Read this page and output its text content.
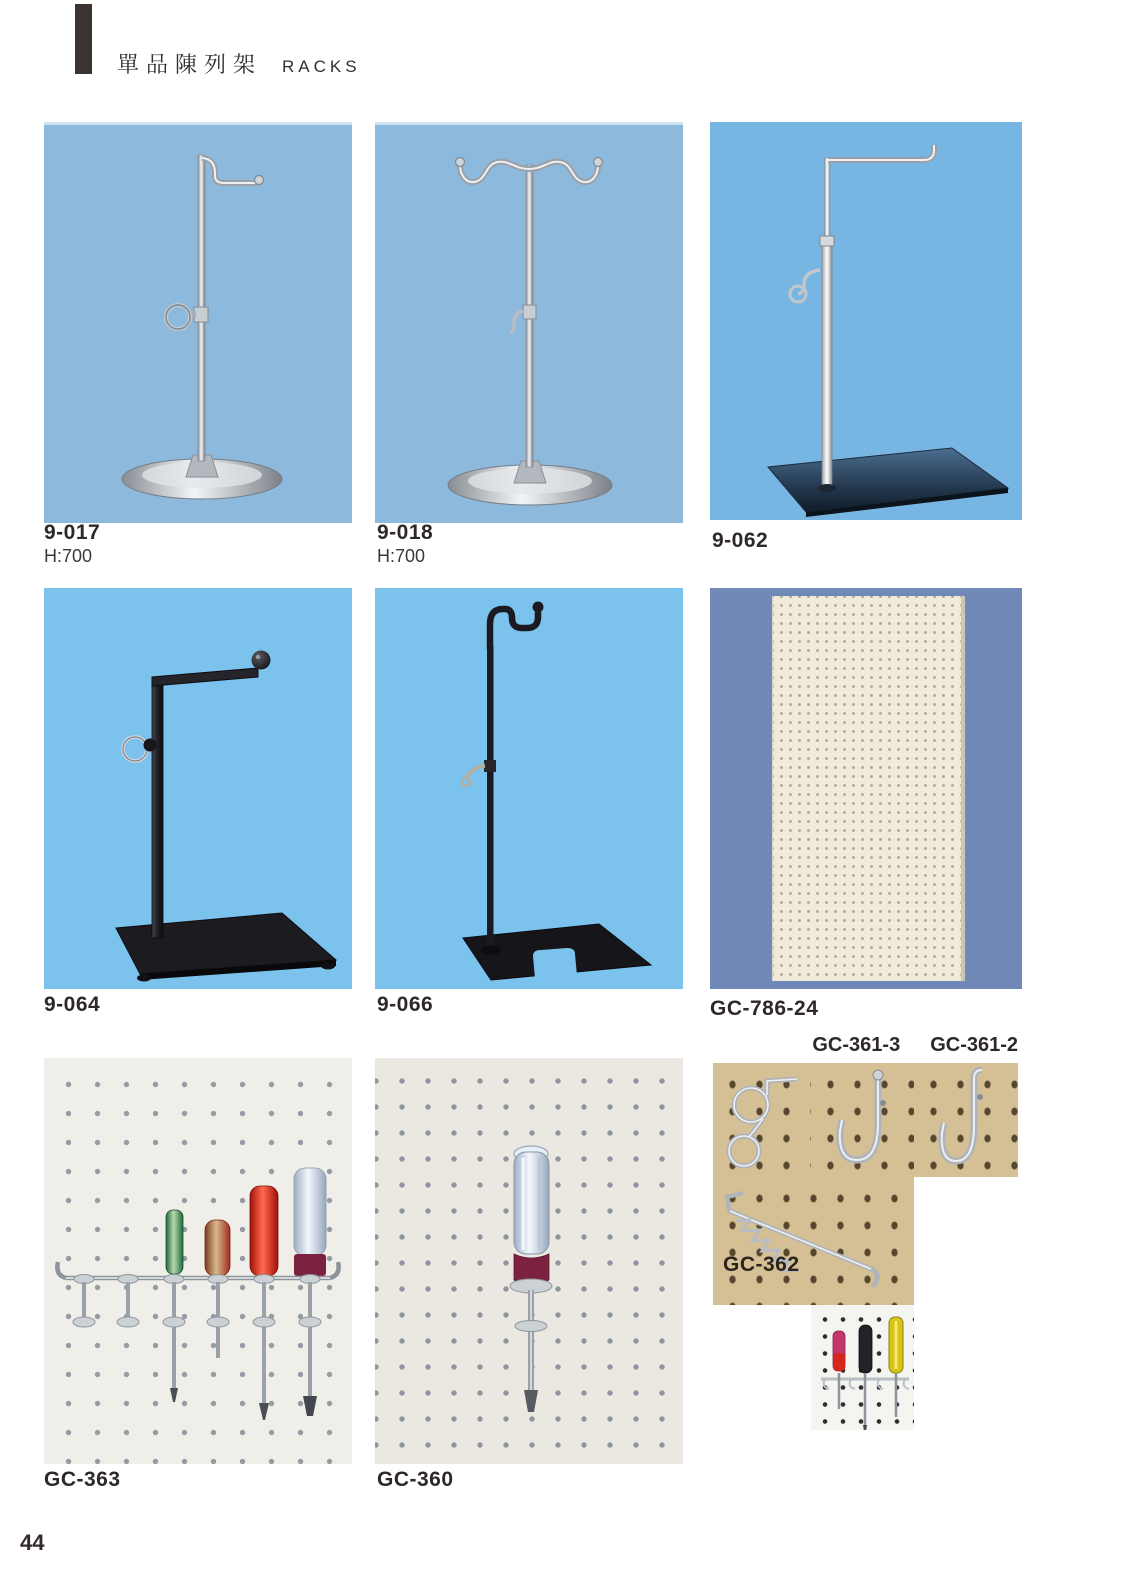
單品陳列架 RACKS
9-017
H:700
9-018
H:700
9-062
9-064	9-066	GC-786-24
GC-361-3 GC-361-2
GC-362
GC-363	GC-360
44
